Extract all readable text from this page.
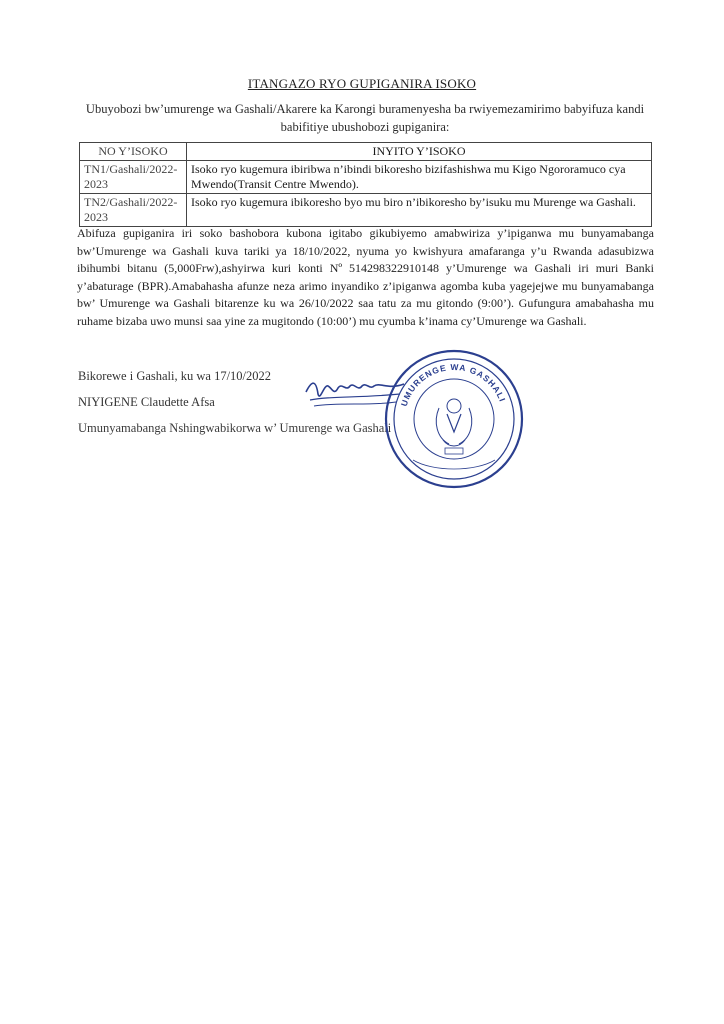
ITANGAZO RYO GUPIGANIRA ISOKO
Ubuyobozi bw’umurenge wa Gashali/Akarere ka Karongi buramenyesha ba rwiyemezamirimo babyifuza kandi babifitiye ubushobozi gupiganira:
NO Y’ISOKO	INYITO Y’ISOKO
TN1/Gashali/2022-2023	Isoko ryo kugemura ibiribwa n’ibindi bikoresho bizifashishwa mu Kigo Ngororamuco cya Mwendo(Transit Centre Mwendo).
TN2/Gashali/2022-2023	Isoko ryo kugemura ibikoresho byo mu biro n’ibikoresho by’isuku mu Murenge wa Gashali.
Abifuza gupiganira iri soko bashobora kubona igitabo gikubiyemo amabwiriza y’ipiganwa mu bunyamabanga bw’Umurenge wa Gashali kuva tariki ya 18/10/2022, nyuma yo kwishyura amafaranga y’u Rwanda adasubizwa ibihumbi bitanu (5,000Frw),ashyirwa kuri konti Nº 514298322910148 y’Umurenge wa Gashali iri muri Banki y’abaturage (BPR).Amabahasha afunze neza arimo inyandiko z’ipiganwa agomba kuba yagejejwe mu bunyamabanga bw’ Umurenge wa Gashali bitarenze ku wa 26/10/2022 saa tatu za mu gitondo (9:00’). Gufungura amabahasha mu ruhame bizaba uwo munsi saa yine za mugitondo (10:00’) mu cyumba k’inama cy’Umurenge wa Gashali.
Bikorewe i Gashali, ku wa 17/10/2022
NIYIGENE Claudette Afsa
Umunyamabanga Nshingwabikorwa w’ Umurenge wa Gashali
UMURENGE WA GASHALI
